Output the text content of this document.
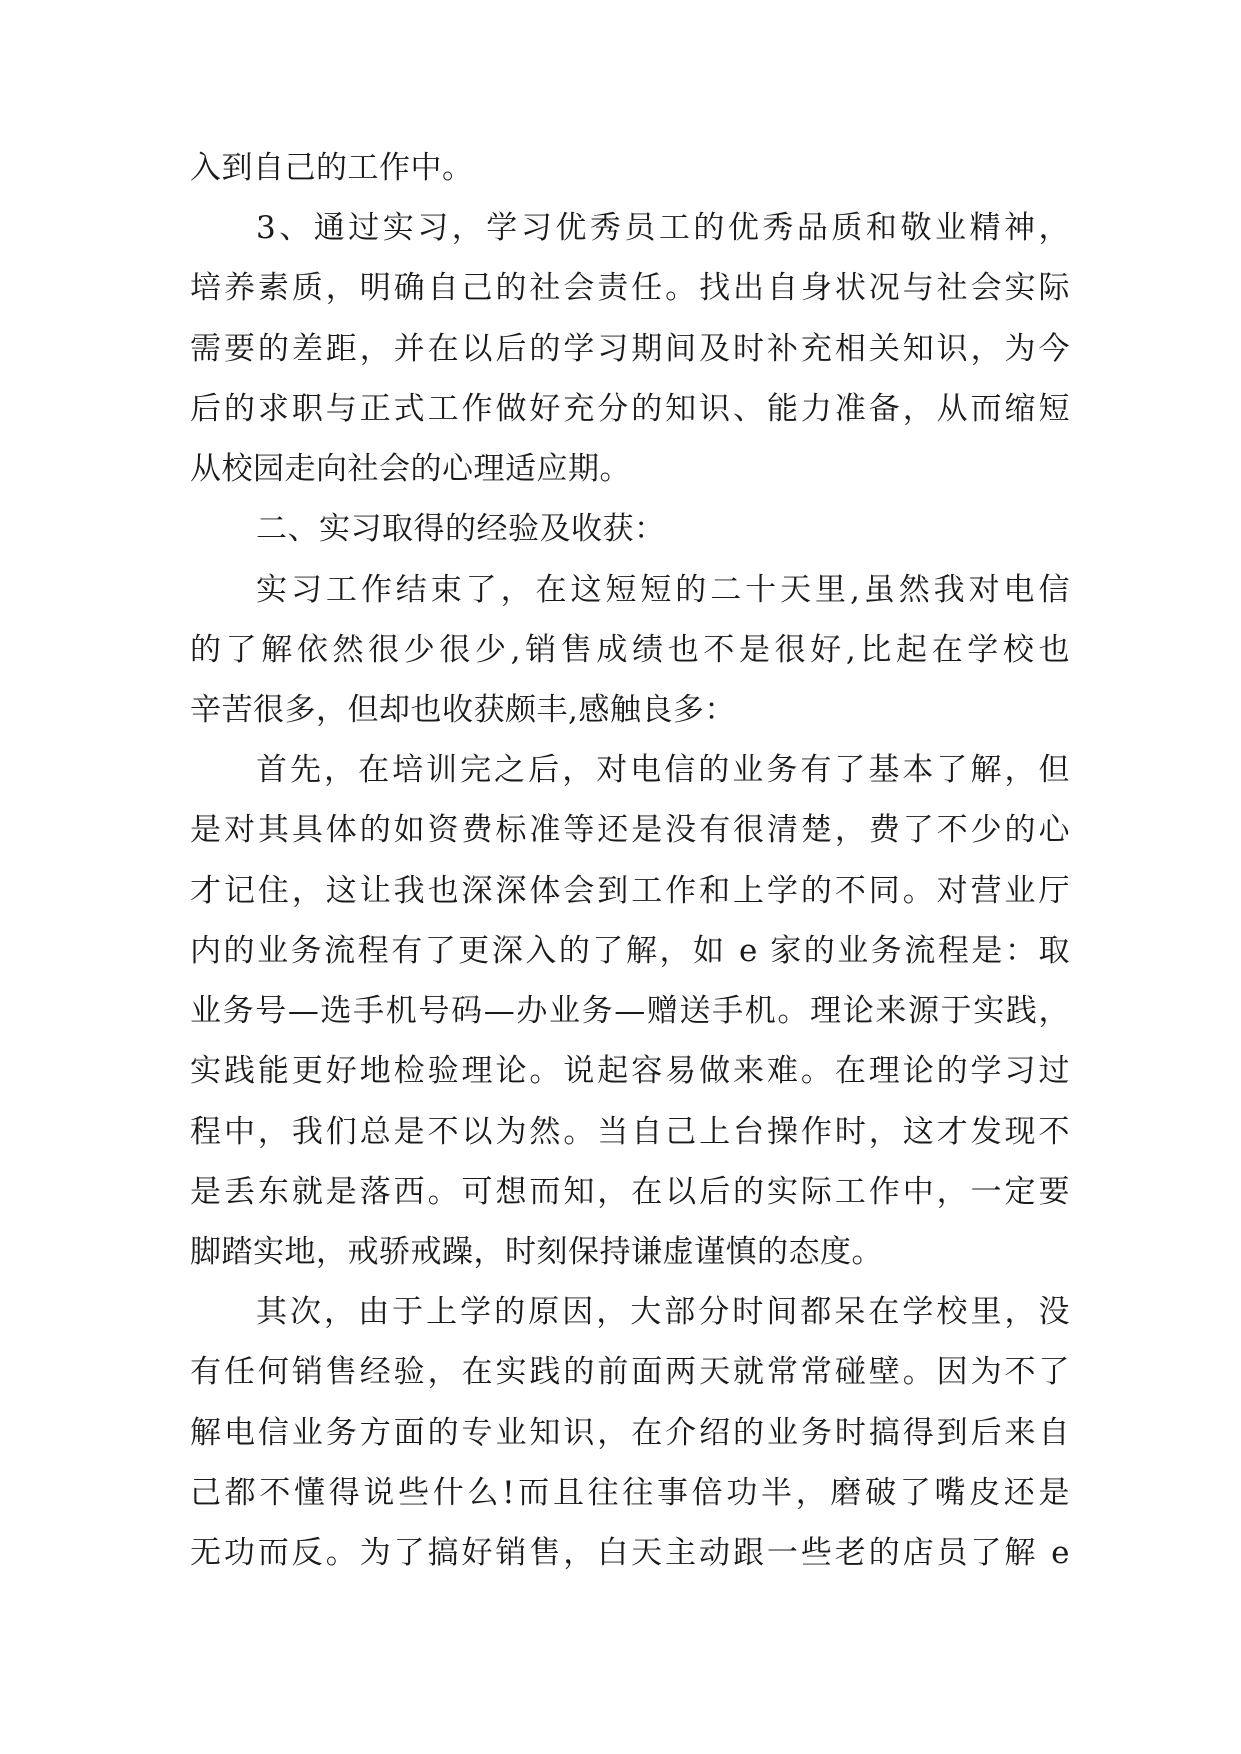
入到自己的工作中。
3、通过实习，学习优秀员工的优秀品质和敬业精神，
培养素质，明确自己的社会责任。找出自身状况与社会实际
需要的差距，并在以后的学习期间及时补充相关知识，为今
后的求职与正式工作做好充分的知识、能力准备，从而缩短
从校园走向社会的心理适应期。
二、实习取得的经验及收获：
实习工作结束了，在这短短的二十天里,虽然我对电信
的了解依然很少很少,销售成绩也不是很好,比起在学校也
辛苦很多，但却也收获颇丰,感触良多：
首先，在培训完之后，对电信的业务有了基本了解，但
是对其具体的如资费标准等还是没有很清楚，费了不少的心
才记住，这让我也深深体会到工作和上学的不同。对营业厅
内的业务流程有了更深入的了解，如 e 家的业务流程是：取
业务号—选手机号码—办业务—赠送手机。理论来源于实践，
实践能更好地检验理论。说起容易做来难。在理论的学习过
程中，我们总是不以为然。当自己上台操作时，这才发现不
是丢东就是落西。可想而知，在以后的实际工作中，一定要
脚踏实地，戒骄戒躁，时刻保持谦虚谨慎的态度。
其次，由于上学的原因，大部分时间都呆在学校里，没
有任何销售经验，在实践的前面两天就常常碰壁。因为不了
解电信业务方面的专业知识，在介绍的业务时搞得到后来自
己都不懂得说些什么!而且往往事倍功半，磨破了嘴皮还是
无功而反。为了搞好销售，白天主动跟一些老的店员了解 e
